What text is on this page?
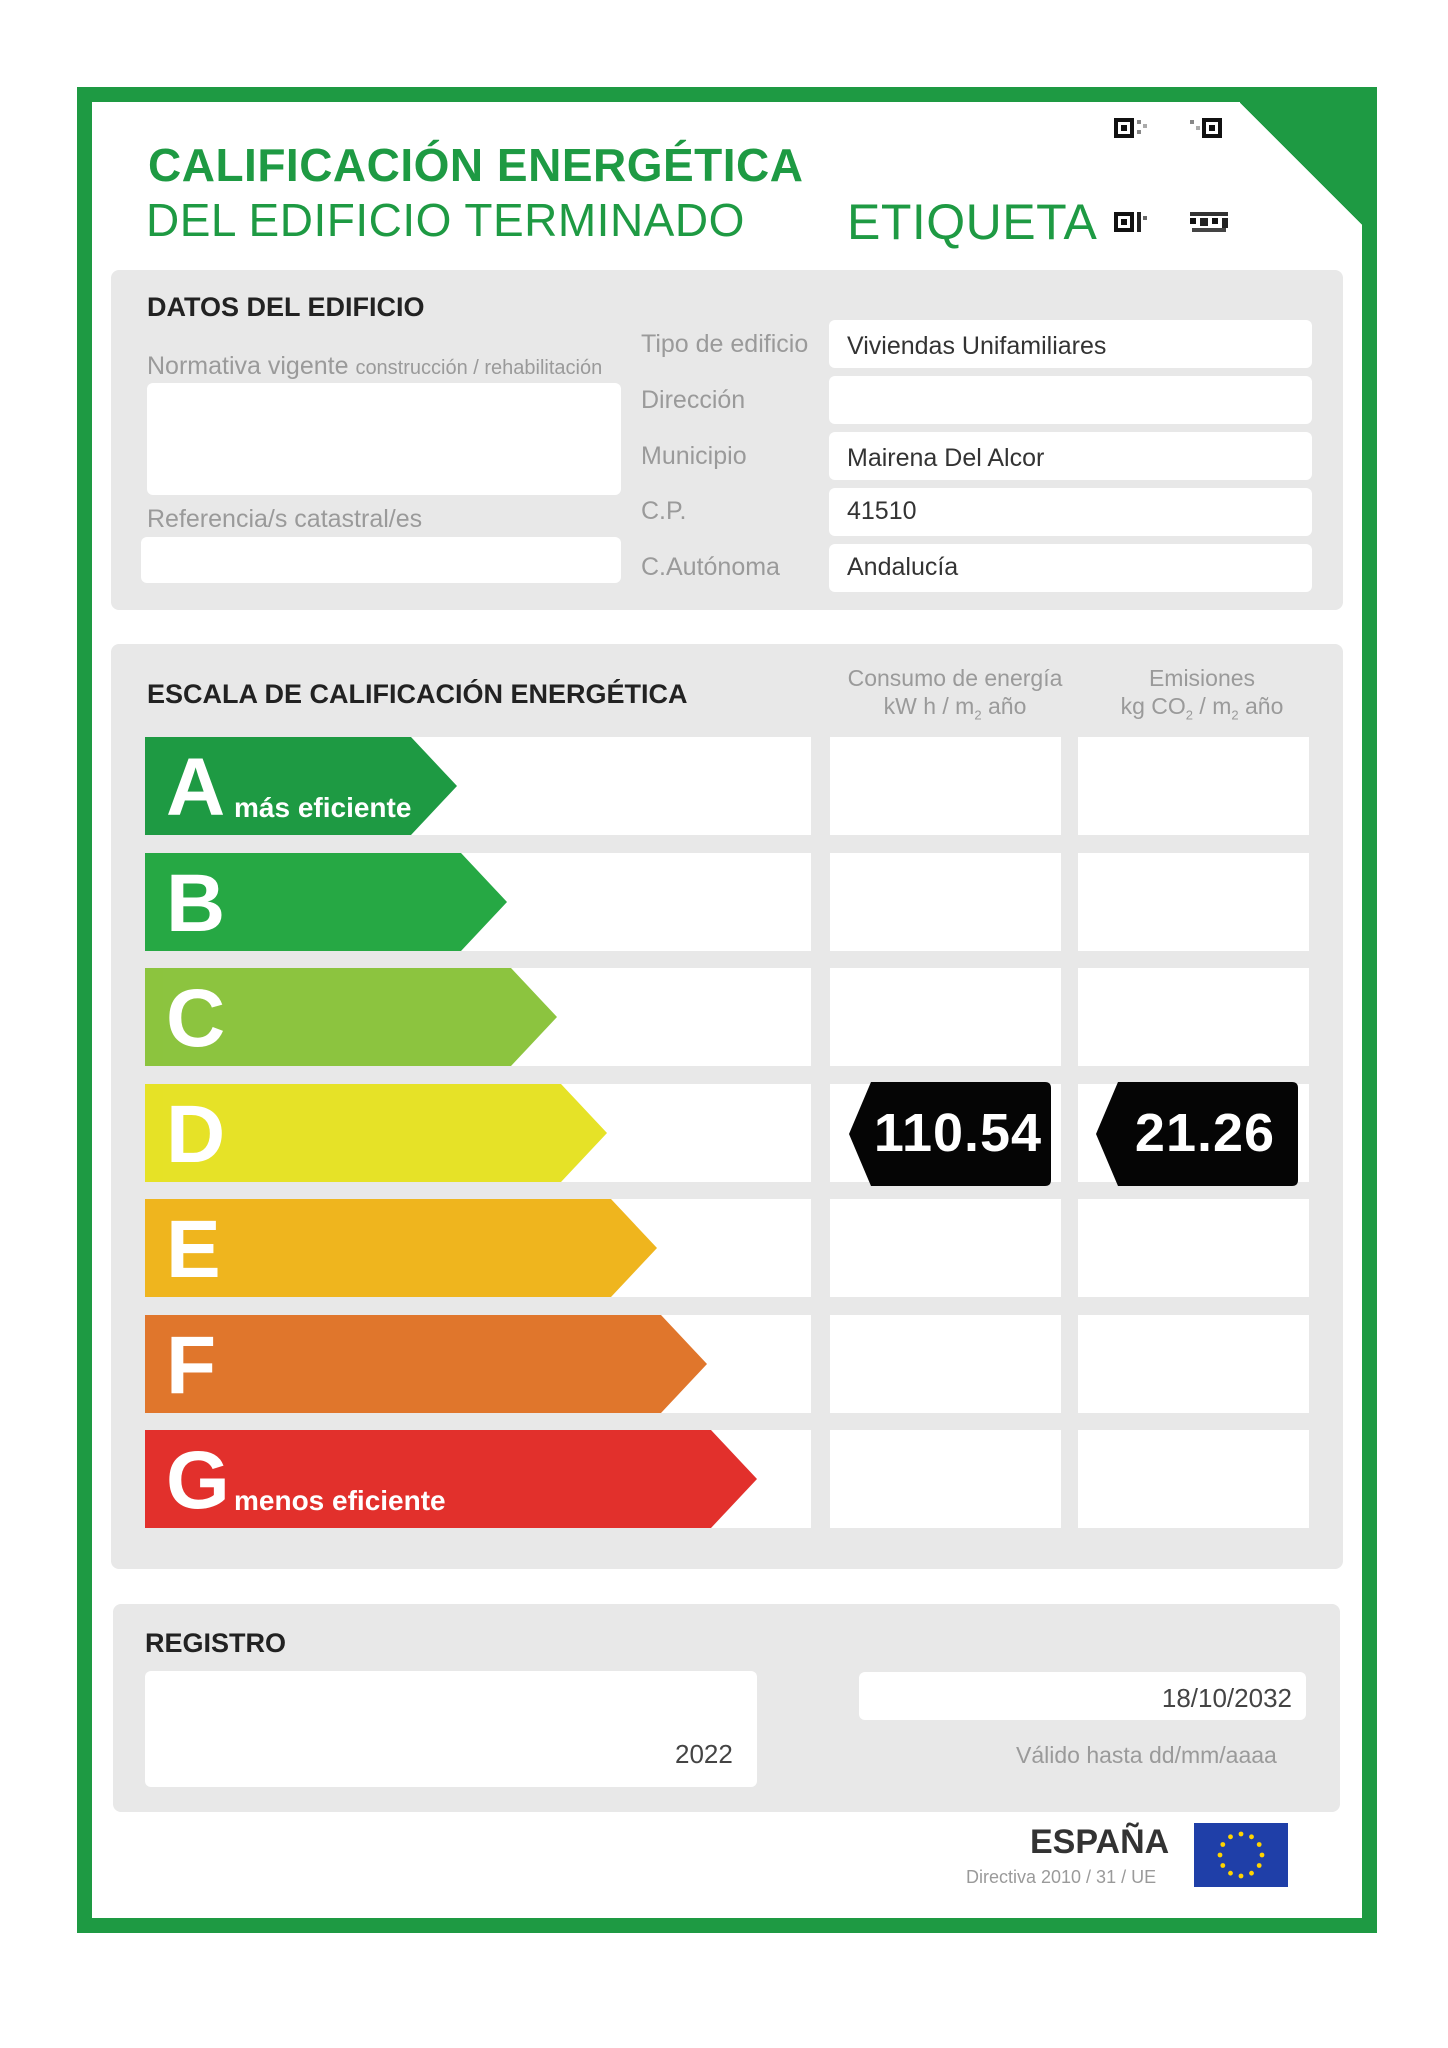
CALIFICACIÓN ENERGÉTICA
DEL EDIFICIO TERMINADO ETIQUETA
DATOS DEL EDIFICIO
Normativa vigente construcción / rehabilitación
Referencia/s catastral/es
Tipo de edificio Viviendas Unifamiliares
Dirección
Municipio	Mairena Del Alcor
C.P.	41510
C.Autónoma	Andalucía
ESCALA DE CALIFICACIÓN ENERGÉTICA
Consumo de energía
kW h / $m_2$ año
Emisiones
kg $CO_2 / m_2$ año
A más eficiente
B
C
D	110.54	21.26
E
F
G menos eficiente
REGISTRO
2022
18/10/2032
Válido hasta dd/mm/aaaa
ESPAÑA
Directiva 2010 / 31 / UE
